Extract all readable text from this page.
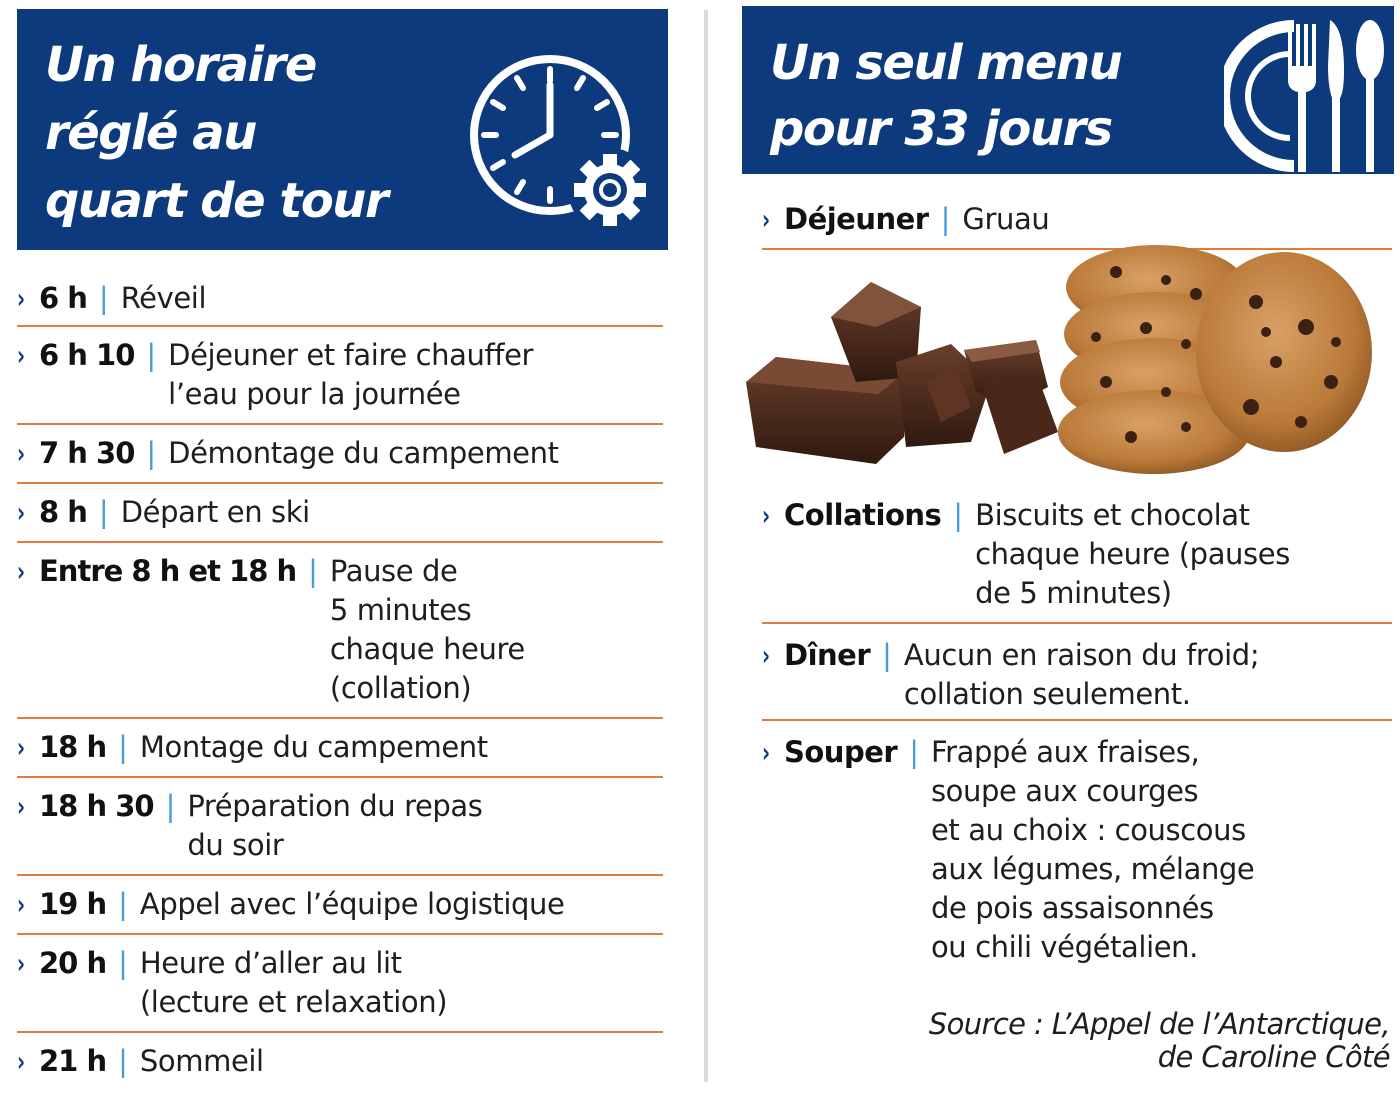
Un horaire
réglé au
quart de tour
› 6 h | Réveil
› 6 h 10 | Déjeuner et faire chauffer
l’eau pour la journée
› 7 h 30 | Démontage du campement
› 8 h | Départ en ski
› Entre 8 h et 18 h | Pause de
5 minutes
chaque heure
(collation)
› 18 h | Montage du campement
› 18 h 30 | Préparation du repas
du soir
› 19 h | Appel avec l’équipe logistique
› 20 h | Heure d’aller au lit
(lecture et relaxation)
› 21 h | Sommeil
Un seul menu
pour 33 jours
› Déjeuner | Gruau
› Collations | Biscuits et chocolat
chaque heure (pauses
de 5 minutes)
› Dîner | Aucun en raison du froid;
collation seulement.
› Souper | Frappé aux fraises,
soupe aux courges
et au choix : couscous
aux légumes, mélange
de pois assaisonnés
ou chili végétalien.
Source : L’Appel de l’Antarctique,
de Caroline Côté
